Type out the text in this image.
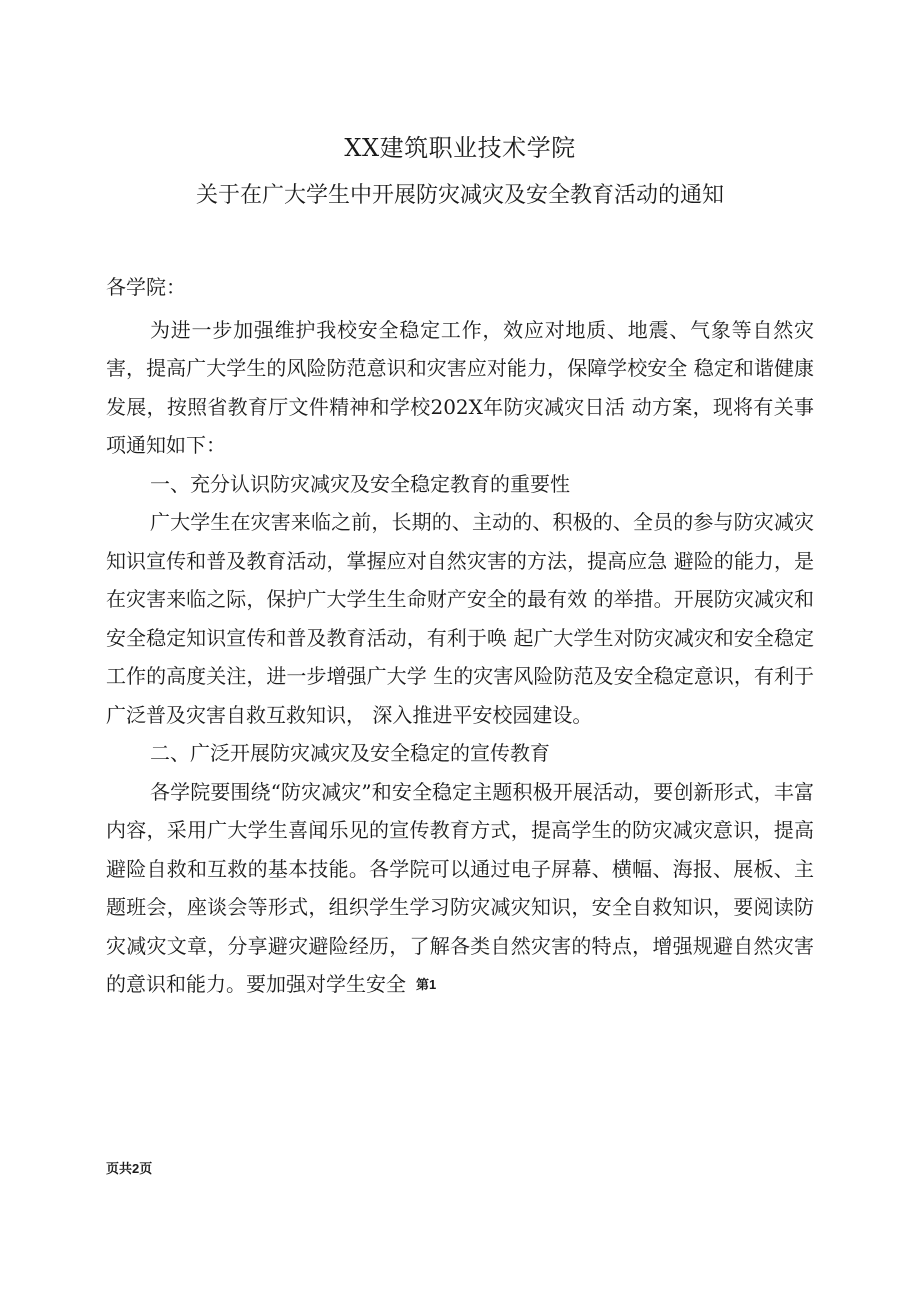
XX建筑职业技术学院
关于在广大学生中开展防灾减灾及安全教育活动的通知

各学院：

为进一步加强维护我校安全稳定工作，效应对地质、地震、气象等自然灾害，提高广大学生的风险防范意识和灾害应对能力，保障学校安全 稳定和谐健康发展，按照省教育厅文件精神和学校202X年防灾减灾日活 动方案，现将有关事项通知如下：

一、充分认识防灾减灾及安全稳定教育的重要性

广大学生在灾害来临之前，长期的、主动的、积极的、全员的参与防灾减灾知识宣传和普及教育活动，掌握应对自然灾害的方法，提高应急 避险的能力，是在灾害来临之际，保护广大学生生命财产安全的最有效 的举措。开展防灾减灾和安全稳定知识宣传和普及教育活动，有利于唤 起广大学生对防灾减灾和安全稳定工作的高度关注，进一步增强广大学 生的灾害风险防范及安全稳定意识，有利于广泛普及灾害自救互救知识， 深入推进平安校园建设。

二、广泛开展防灾减灾及安全稳定的宣传教育

各学院要围绕“防灾减灾”和安全稳定主题积极开展活动，要创新形式，丰富内容，采用广大学生喜闻乐见的宣传教育方式，提高学生的防灾减灾意识，提高避险自救和互救的基本技能。各学院可以通过电子屏幕、横幅、海报、展板、主题班会，座谈会等形式，组织学生学习防灾减灾知识，安全自救知识，要阅读防灾减灾文章，分享避灾避险经历，了解各类自然灾害的特点，增强规避自然灾害的意识和能力。要加强对学生安全 第1

页共2页
